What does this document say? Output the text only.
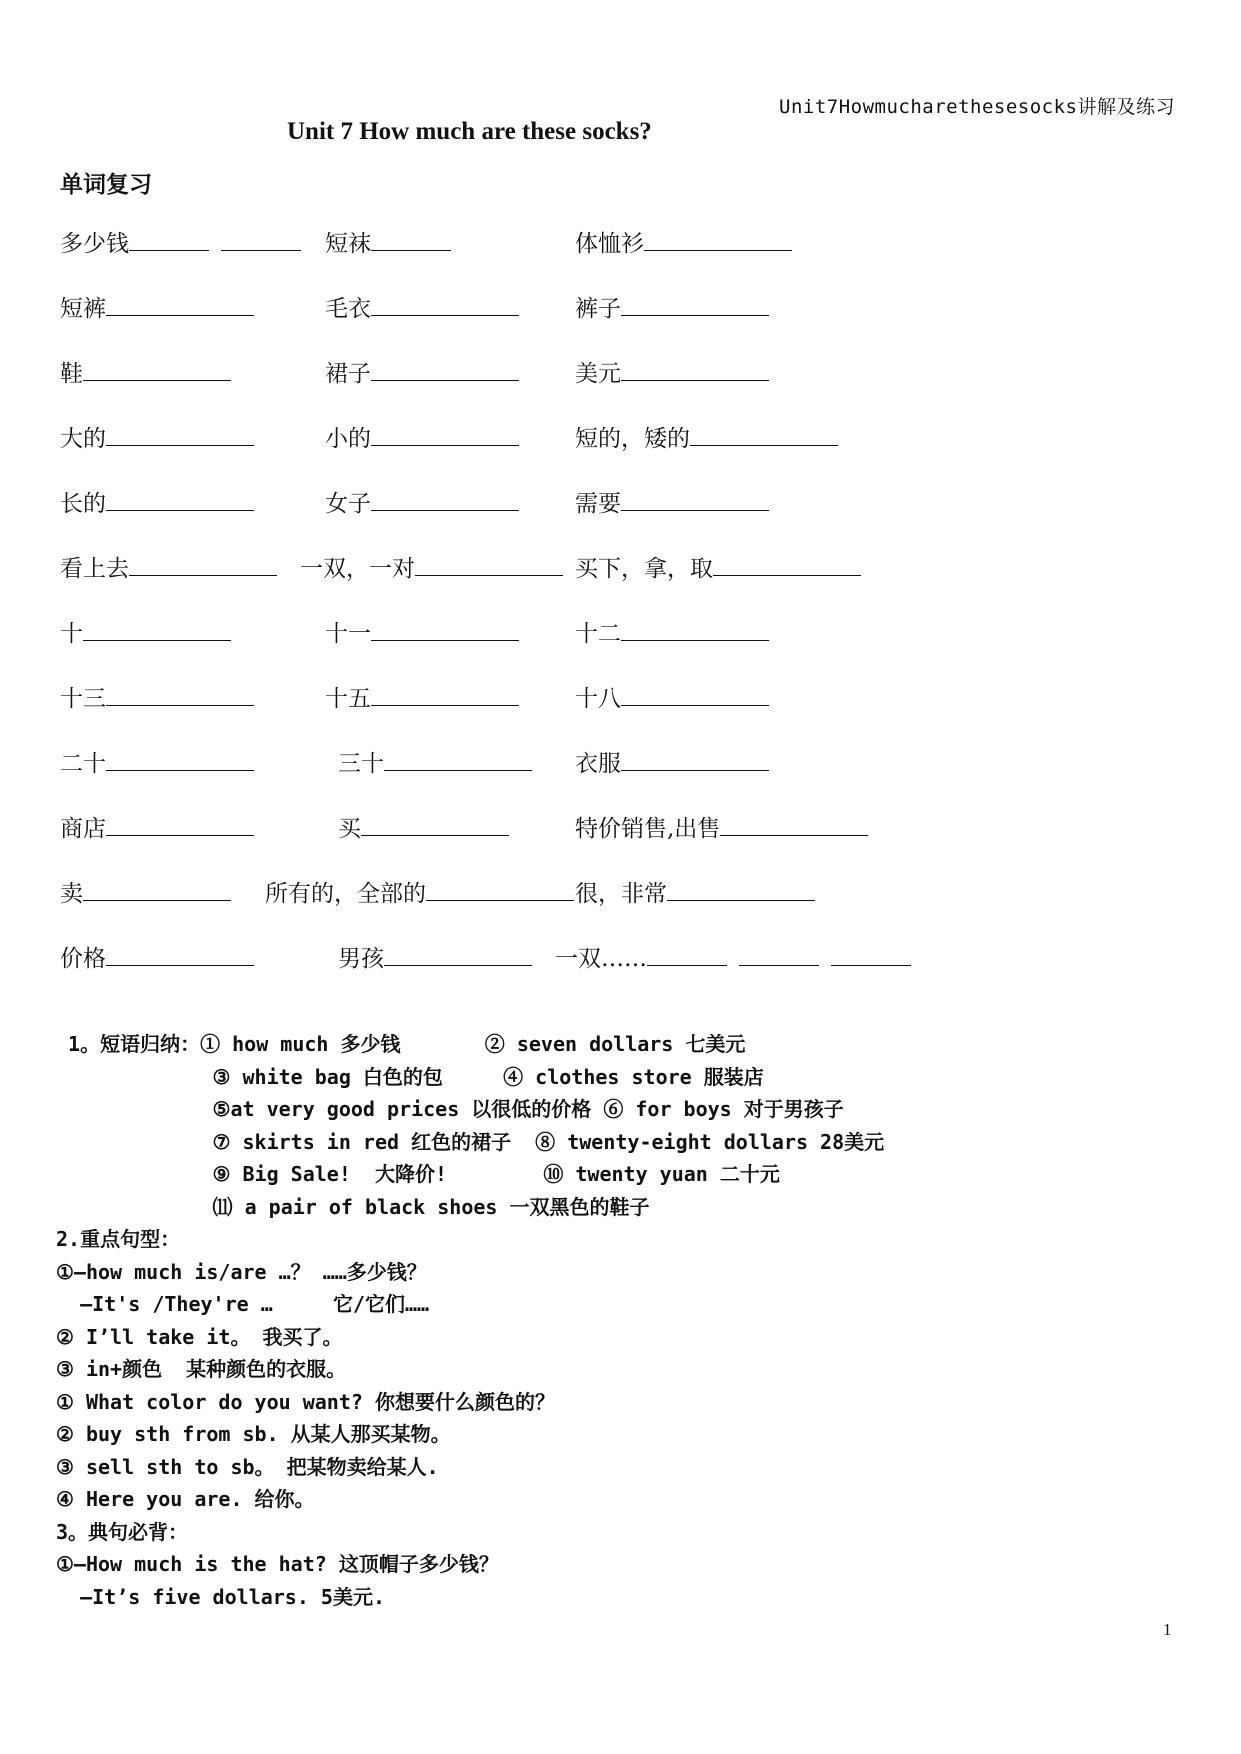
Unit7Howmucharethesesocks讲解及练习
Unit 7 How much are these socks?
单词复习
多少钱	短袜	体恤衫
短裤	毛衣	裤子
鞋	裙子	美元
大的	小的	短的，矮的
长的	女子	需要
看上去	一双，一对	买下，拿，取
十	十一	十二
十三	十五	十八
二十	三十	衣服
商店	买	特价销售,出售
卖	所有的，全部的	很，非常
价格	男孩	一双……
1。短语归纳：① how much 多少钱       ② seven dollars 七美元
③ white bag 白色的包     ④ clothes store 服装店
⑤at very good prices 以很低的价格 ⑥ for boys 对于男孩子
⑦ skirts in red 红色的裙子  ⑧ twenty-eight dollars 28美元
⑨ Big Sale!  大降价!        ⑩ twenty yuan 二十元
⑾ a pair of black shoes 一双黑色的鞋子
2.重点句型：
①—how much is/are …？ ……多少钱？
—It's /They're …     它/它们……
② I’ll take it。 我买了。
③ in+颜色  某种颜色的衣服。
① What color do you want? 你想要什么颜色的？
② buy sth from sb. 从某人那买某物。
③ sell sth to sb。 把某物卖给某人.
④ Here you are. 给你。
3。典句必背：
①—How much is the hat? 这顶帽子多少钱？
—It’s five dollars. 5美元.
1
